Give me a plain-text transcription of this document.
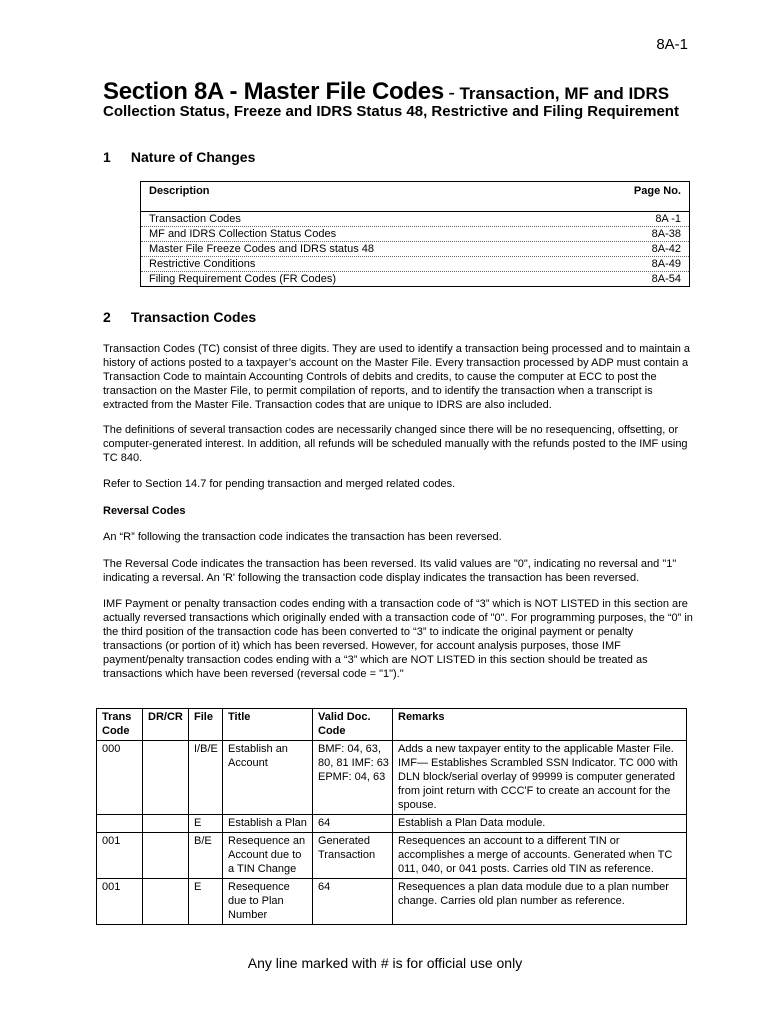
8A-1
Section 8A - Master File Codes - Transaction, MF and IDRS
Collection Status, Freeze and IDRS Status 48, Restrictive and Filing Requirement
1 Nature of Changes
Description	Page No.
Transaction Codes	8A -1
MF and IDRS Collection Status Codes	8A-38
Master File Freeze Codes and IDRS status 48	8A-42
Restrictive Conditions	8A-49
Filing Requirement Codes (FR Codes)	8A-54
2 Transaction Codes
Transaction Codes (TC) consist of three digits. They are used to identify a transaction being processed and to maintain a history of actions posted to a taxpayer’s account on the Master File. Every transaction processed by ADP must contain a Transaction Code to maintain Accounting Controls of debits and credits, to cause the computer at ECC to post the transaction on the Master File, to permit compilation of reports, and to identify the transaction when a transcript is extracted from the Master File. Transaction codes that are unique to IDRS are also included.
The definitions of several transaction codes are necessarily changed since there will be no resequencing, offsetting, or computer-generated interest. In addition, all refunds will be scheduled manually with the refunds posted to the IMF using TC 840.
Refer to Section 14.7 for pending transaction and merged related codes.
Reversal Codes
An “R” following the transaction code indicates the transaction has been reversed.
The Reversal Code indicates the transaction has been reversed. Its valid values are "0", indicating no reversal and "1" indicating a reversal. An 'R' following the transaction code display indicates the transaction has been reversed.
IMF Payment or penalty transaction codes ending with a transaction code of “3” which is NOT LISTED in this section are actually reversed transactions which originally ended with a transaction code of "0". For programming purposes, the “0” in the third position of the transaction code has been converted to “3” to indicate the original payment or penalty transactions (or portion of it) which has been reversed. However, for account analysis purposes, those IMF payment/penalty transaction codes ending with a “3” which are NOT LISTED in this section should be treated as transactions which have been reversed (reversal code = "1")."
Trans Code	DR/CR	File	Title	Valid Doc. Code	Remarks
000		I/B/E	Establish an Account	BMF: 04, 63, 80, 81 IMF: 63 EPMF: 04, 63	Adds a new taxpayer entity to the applicable Master File. IMF— Establishes Scrambled SSN Indicator. TC 000 with DLN block/serial overlay of 99999 is computer generated from joint return with CCC'F to create an account for the spouse.
		E	Establish a Plan	64	Establish a Plan Data module.
001		B/E	Resequence an Account due to a TIN Change	Generated Transaction	Resequences an account to a different TIN or accomplishes a merge of accounts. Generated when TC 011, 040, or 041 posts. Carries old TIN as reference.
001		E	Resequence due to Plan Number	64	Resequences a plan data module due to a plan number change. Carries old plan number as reference.
Any line marked with # is for official use only
